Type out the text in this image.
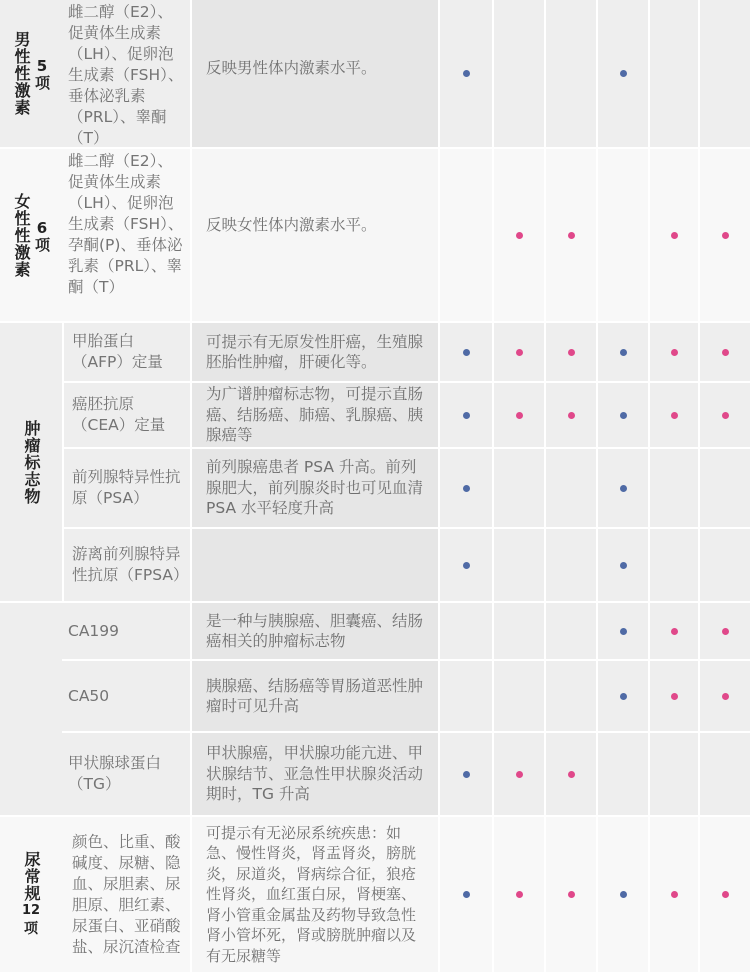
男性性激素 5项
雌二醇（E2）、促黄体生成素（LH）、促卵泡生成素（FSH）、垂体泌乳素（PRL）、睾酮（T）
反映男性体内激素水平。
女性性激素 6项
雌二醇（E2）、促黄体生成素（LH）、促卵泡生成素（FSH）、孕酮(P)、垂体泌乳素（PRL）、睾酮（T）
反映女性体内激素水平。
肿瘤标志物
甲胎蛋白（AFP）定量
可提示有无原发性肝癌，生殖腺胚胎性肿瘤，肝硬化等。
癌胚抗原（CEA）定量
为广谱肿瘤标志物，可提示直肠癌、结肠癌、肺癌、乳腺癌、胰腺癌等
前列腺特异性抗原（PSA）
前列腺癌患者 PSA 升高。前列腺肥大，前列腺炎时也可见血清 PSA 水平轻度升高
游离前列腺特异性抗原（FPSA）
CA199
是一种与胰腺癌、胆囊癌、结肠癌相关的肿瘤标志物
CA50
胰腺癌、结肠癌等胃肠道恶性肿瘤时可见升高
甲状腺球蛋白（TG）
甲状腺癌，甲状腺功能亢进、甲状腺结节、亚急性甲状腺炎活动期时，TG 升高
尿常规
12
项
颜色、比重、酸碱度、尿糖、隐血、尿胆素、尿胆原、胆红素、尿蛋白、亚硝酸盐、尿沉渣检查
可提示有无泌尿系统疾患：如急、慢性肾炎，肾盂肾炎，膀胱炎，尿道炎，肾病综合征，狼疮性肾炎，血红蛋白尿，肾梗塞、肾小管重金属盐及药物导致急性肾小管坏死，肾或膀胱肿瘤以及有无尿糖等
